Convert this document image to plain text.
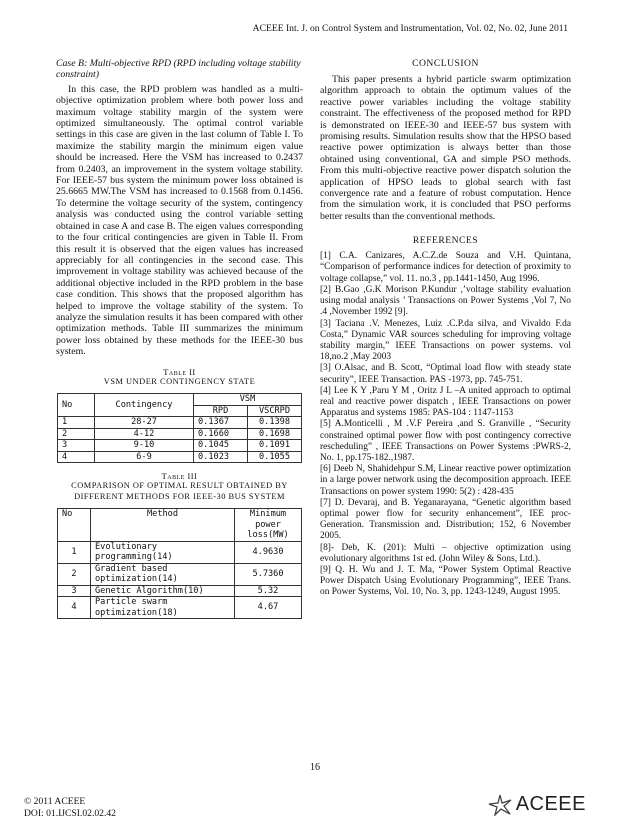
ACEEE Int. J. on Control System and Instrumentation, Vol. 02, No. 02, June 2011

Case B: Multi-objective RPD (RPD including voltage stability constraint)

In this case, the RPD problem was handled as a multi-objective optimization problem where both power loss and maximum voltage stability margin of the system were optimized simultaneously. The optimal control variable settings in this case are given in the last column of Table I. To maximize the stability margin the minimum eigen value should be increased. Here the VSM has increased to 0.2437 from 0.2403, an improvement in the system voltage stability. For IEEE-57 bus system the minimum power loss obtained is 25.6665 MW.The VSM has increased to 0.1568 from 0.1456. To determine the voltage security of the system, contingency analysis was conducted using the control variable setting obtained in case A and case B. The eigen values corresponding to the four critical contingencies are given in Table II. From this result it is observed that the eigen values has increased appreciably for all contingencies in the second case. This improvement in voltage stability was achieved because of the additional objective included in the RPD problem in the base case condition. This shows that the proposed algorithm has helped to improve the voltage stability of the system. To analyze the simulation results it has been compared with other optimization methods. Table III summarizes the minimum power loss obtained by these methods for the IEEE-30 bus system.

Table II

VSM UNDER CONTINGENCY STATE

No	Contingency	VSM	
		RPD	VSCRPD
1	28-27	0.1367	0.1398
2	4-12	0.1660	0.1698
3	9-10	0.1045	0.1091
4	6-9	0.1023	0.1055
Table III

COMPARISON OF OPTIMAL RESULT OBTAINED BY DIFFERENT METHODS FOR IEEE-30 BUS SYSTEM

No	Method	Minimum power loss(MW)
1	Evolutionary programming(14)	4.9630
2	Gradient based optimization(14)	5.7360
3	Genetic Algorithm(10)	5.32
4	Particle swarm optimization(18)	4.67
CONCLUSION

This paper presents a hybrid particle swarm optimization algorithm approach to obtain the optimum values of the reactive power variables including the voltage stability constraint. The effectiveness of the proposed method for RPD is demonstrated on IEEE-30 and IEEE-57 bus system with promising results. Simulation results show that the HPSO based reactive power optimization is always better than those obtained using conventional, GA and simple PSO methods. From this multi-objective reactive power dispatch solution the application of HPSO leads to global search with fast convergence rate and a feature of robust computation. Hence from the simulation work, it is concluded that PSO performs better results than the conventional methods.

REFERENCES

[1] C.A. Canizares, A.C.Z.de Souza and V.H. Quintana, “Comparison of performance indices for detection of proximity to voltage collapse,” vol. 11. no.3 , pp.1441-1450, Aug 1996.

[2] B.Gao ,G.K Morison P.Kundur ,’voltage stability evaluation using modal analysis ’ Transactions on Power Systems ,Vol 7, No .4 ,November 1992 [9].

[3] Taciana .V. Menezes, Luiz .C.P.da silva, and Vivaldo F.da Costa,” Dynamic VAR sources scheduling for improving voltage stability margin,” IEEE Transactions on power systems. vol 18,no.2 ,May 2003

[3] O.Alsac, and B. Scott, “Optimal load flow with steady state security”, IEEE Transaction. PAS -1973, pp. 745-751.

[4] Lee K Y ,Paru Y M , Oritz J L –A united approach to optimal real and reactive power dispatch , IEEE Transactions on power Apparatus and systems 1985: PAS-104 : 1147-1153

[5] A.Monticelli , M .V.F Pereira ,and S. Granville , “Security constrained optimal power flow with post contingency corrective rescheduling” , IEEE Transactions on Power Systems :PWRS-2, No. 1, pp.175-182.,1987.

[6] Deeb N, Shahidehpur S.M, Linear reactive power optimization in a large power network using the decomposition approach. IEEE Transactions on power system 1990: 5(2) : 428-435

[7] D. Devaraj, and B. Yeganarayana, “Genetic algorithm based optimal power flow for security enhancement”, IEE proc-Generation. Transmission and. Distribution; 152, 6 November 2005.

[8]- Deb, K. (201): Multi – objective optimization using evolutionary algorithms 1st ed. (John Wiley & Sons, Ltd.).

[9] Q. H. Wu and J. T. Ma, “Power System Optimal Reactive Power Dispatch Using Evolutionary Programming”, IEEE Trans. on Power Systems, Vol. 10, No. 3, pp. 1243-1249, August 1995.

16
© 2011 ACEEE
DOI: 01.IJCSI.02.02.42	ACEEE
